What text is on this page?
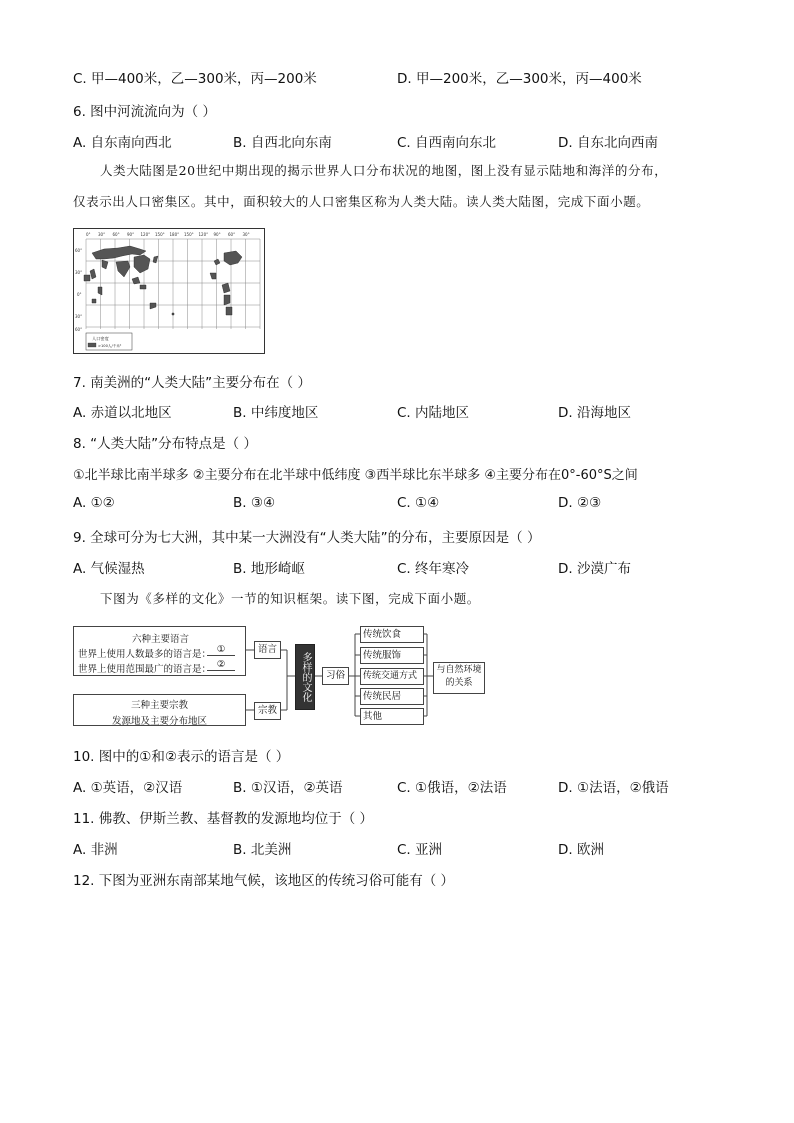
C. 甲—400米，乙—300米，丙—200米	D. 甲—200米，乙—300米，丙—400米
6. 图中河流流向为（ ）
A. 自东南向西北	B. 自西北向东南	C. 自西南向东北	D. 自东北向西南
人类大陆图是20世纪中期出现的揭示世界人口分布状况的地图，图上没有显示陆地和海洋的分布，
仅表示出人口密集区。其中，面积较大的人口密集区称为人类大陆。读人类大陆图，完成下面小题。
0° 30° 60° 90° 120° 150° 180° 150° 120° 90° 60° 30°
60°
30°
0°
30°
60°
人口密度
>100人/千米²
7. 南美洲的“人类大陆”主要分布在（ ）
A. 赤道以北地区	B. 中纬度地区	C. 内陆地区	D. 沿海地区
8. “人类大陆”分布特点是（ ）
①北半球比南半球多 ②主要分布在北半球中低纬度 ③西半球比东半球多 ④主要分布在0°-60°S之间
A. ①②	B. ③④	C. ①④	D. ②③
9. 全球可分为七大洲，其中某一大洲没有“人类大陆”的分布，主要原因是（ ）
A. 气候湿热	B. 地形崎岖	C. 终年寒冷	D. 沙漠广布
下图为《多样的文化》一节的知识框架。读下图，完成下面小题。
六种主要语言
世界上使用人数最多的语言是： ①
世界上使用范围最广的语言是： ②
语言
三种主要宗教
发源地及主要分布地区
宗教
多样的文化	习俗
传统饮食
传统服饰
传统交通方式
传统民居
其他
与自然环境的关系
10. 图中的①和②表示的语言是（ ）
A. ①英语，②汉语	B. ①汉语，②英语	C. ①俄语，②法语	D. ①法语，②俄语
11. 佛教、伊斯兰教、基督教的发源地均位于（ ）
A. 非洲	B. 北美洲	C. 亚洲	D. 欧洲
12. 下图为亚洲东南部某地气候，该地区的传统习俗可能有（ ）
